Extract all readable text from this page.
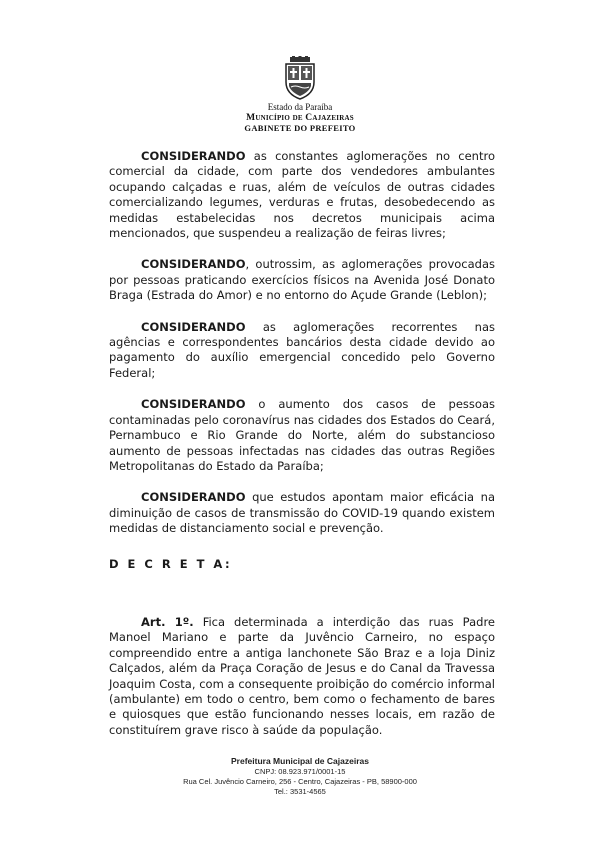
Estado da Paraíba
Município de Cajazeiras
GABINETE DO PREFEITO

CONSIDERANDO as constantes aglomerações no centro comercial da cidade, com parte dos vendedores ambulantes ocupando calçadas e ruas, além de veículos de outras cidades comercializando legumes, verduras e frutas, desobedecendo as medidas estabelecidas nos decretos municipais acima mencionados, que suspendeu a realização de feiras livres;

CONSIDERANDO, outrossim, as aglomerações provocadas por pessoas praticando exercícios físicos na Avenida José Donato Braga (Estrada do Amor) e no entorno do Açude Grande (Leblon);

CONSIDERANDO as aglomerações recorrentes nas agências e correspondentes bancários desta cidade devido ao pagamento do auxílio emergencial concedido pelo Governo Federal;

CONSIDERANDO o aumento dos casos de pessoas contaminadas pelo coronavírus nas cidades dos Estados do Ceará, Pernambuco e Rio Grande do Norte, além do substancioso aumento de pessoas infectadas nas cidades das outras Regiões Metropolitanas do Estado da Paraíba;

CONSIDERANDO que estudos apontam maior eficácia na diminuição de casos de transmissão do COVID-19 quando existem medidas de distanciamento social e prevenção.

D E C R E T A:

Art. 1º. Fica determinada a interdição das ruas Padre Manoel Mariano e parte da Juvêncio Carneiro, no espaço compreendido entre a antiga lanchonete São Braz e a loja Diniz Calçados, além da Praça Coração de Jesus e do Canal da Travessa Joaquim Costa, com a consequente proibição do comércio informal (ambulante) em todo o centro, bem como o fechamento de bares e quiosques que estão funcionando nesses locais, em razão de constituírem grave risco à saúde da população.

Prefeitura Municipal de Cajazeiras
CNPJ: 08.923.971/0001-15
Rua Cel. Juvêncio Carneiro, 256 - Centro, Cajazeiras - PB, 58900-000
Tel.: 3531-4565
